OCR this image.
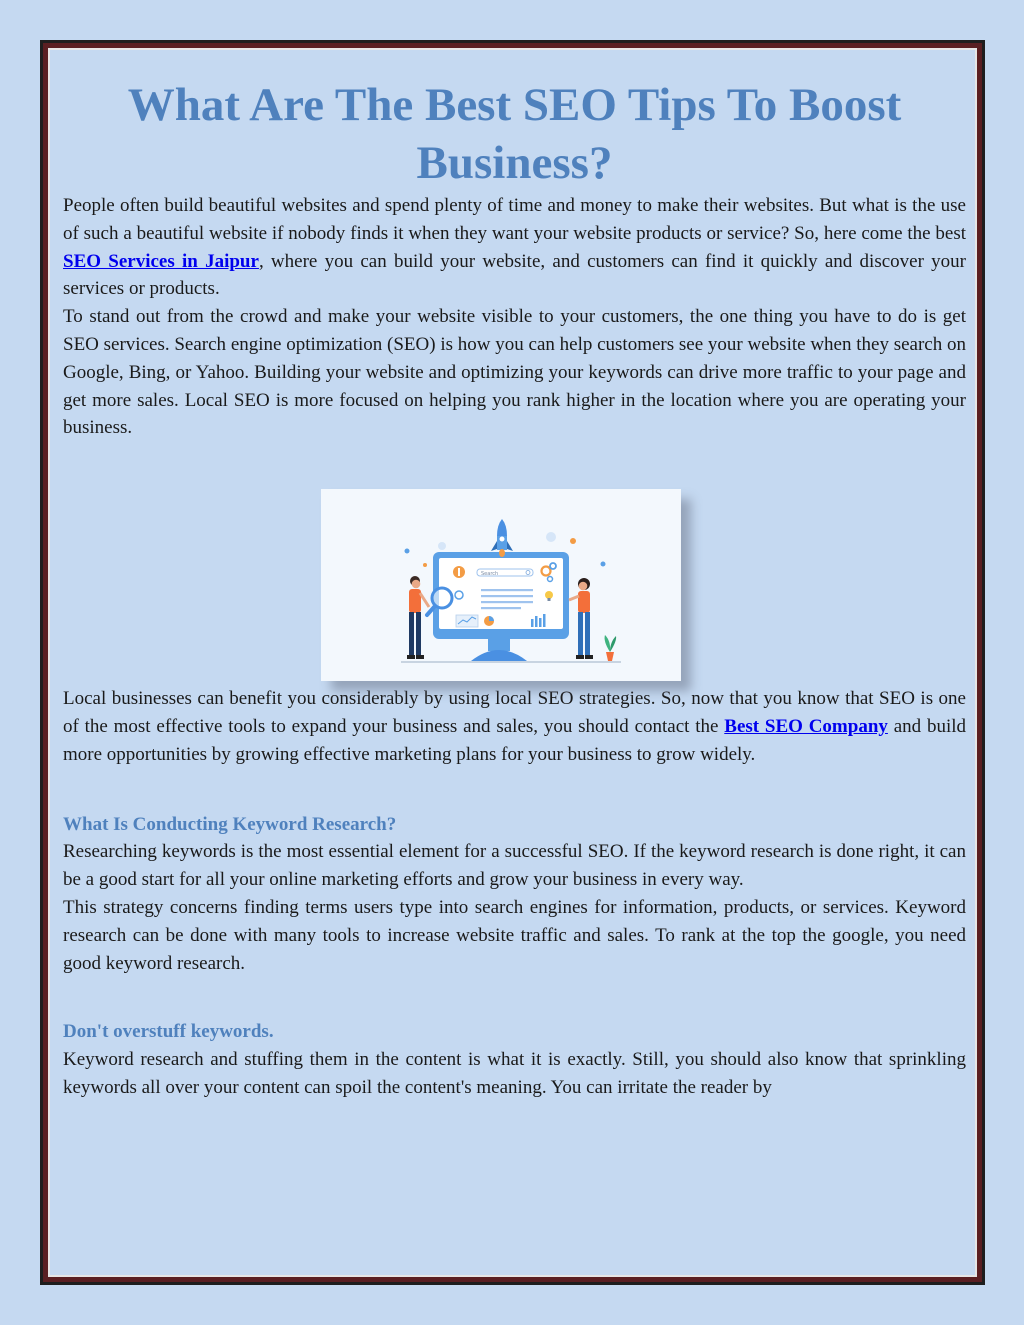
What Are The Best SEO Tips To Boost Business?

People often build beautiful websites and spend plenty of time and money to make their websites. But what is the use of such a beautiful website if nobody finds it when they want your website products or service? So, here come the best SEO Services in Jaipur, where you can build your website, and customers can find it quickly and discover your services or products.

To stand out from the crowd and make your website visible to your customers, the one thing you have to do is get SEO services. Search engine optimization (SEO) is how you can help customers see your website when they search on Google, Bing, or Yahoo. Building your website and optimizing your keywords can drive more traffic to your page and get more sales. Local SEO is more focused on helping you rank higher in the location where you are operating your business.

Search

Local businesses can benefit you considerably by using local SEO strategies. So, now that you know that SEO is one of the most effective tools to expand your business and sales, you should contact the Best SEO Company and build more opportunities by growing effective marketing plans for your business to grow widely.

What Is Conducting Keyword Research?

Researching keywords is the most essential element for a successful SEO. If the keyword research is done right, it can be a good start for all your online marketing efforts and grow your business in every way.

This strategy concerns finding terms users type into search engines for information, products, or services. Keyword research can be done with many tools to increase website traffic and sales. To rank at the top the google, you need good keyword research.

Don't overstuff keywords.

Keyword research and stuffing them in the content is what it is exactly. Still, you should also know that sprinkling keywords all over your content can spoil the content's meaning. You can irritate the reader by
